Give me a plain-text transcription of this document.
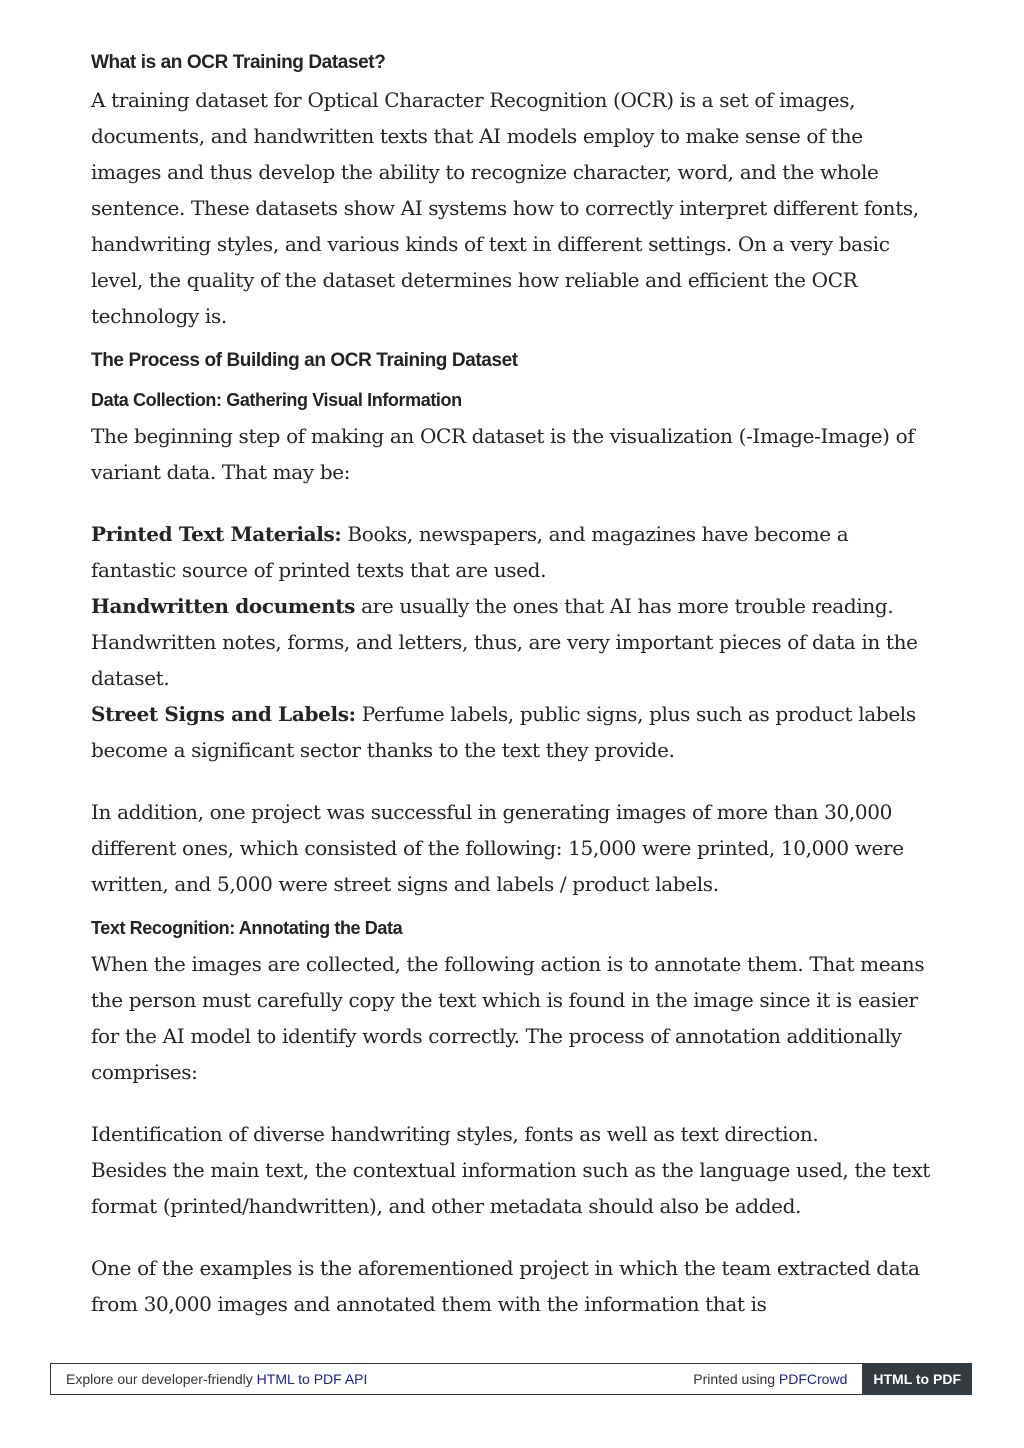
What is an OCR Training Dataset?

A training dataset for Optical Character Recognition (OCR) is a set of images, documents, and handwritten texts that AI models employ to make sense of the images and thus develop the ability to recognize character, word, and the whole sentence. These datasets show AI systems how to correctly interpret different fonts, handwriting styles, and various kinds of text in different settings. On a very basic level, the quality of the dataset determines how reliable and efficient the OCR technology is.

The Process of Building an OCR Training Dataset
Data Collection: Gathering Visual Information

The beginning step of making an OCR dataset is the visualization (-Image-Image) of variant data. That may be:

Printed Text Materials: Books, newspapers, and magazines have become a fantastic source of printed texts that are used.

Handwritten documents are usually the ones that AI has more trouble reading. Handwritten notes, forms, and letters, thus, are very important pieces of data in the dataset.

Street Signs and Labels: Perfume labels, public signs, plus such as product labels become a significant sector thanks to the text they provide.

In addition, one project was successful in generating images of more than 30,000 different ones, which consisted of the following: 15,000 were printed, 10,000 were written, and 5,000 were street signs and labels / product labels.

Text Recognition: Annotating the Data

When the images are collected, the following action is to annotate them. That means the person must carefully copy the text which is found in the image since it is easier for the AI model to identify words correctly. The process of annotation additionally comprises:

Identification of diverse handwriting styles, fonts as well as text direction.

Besides the main text, the contextual information such as the language used, the text format (printed/handwritten), and other metadata should also be added.

One of the examples is the aforementioned project in which the team extracted data from 30,000 images and annotated them with the information that is

Explore our developer-friendly HTML to PDF API	Printed using PDFCrowd	HTML to PDF
